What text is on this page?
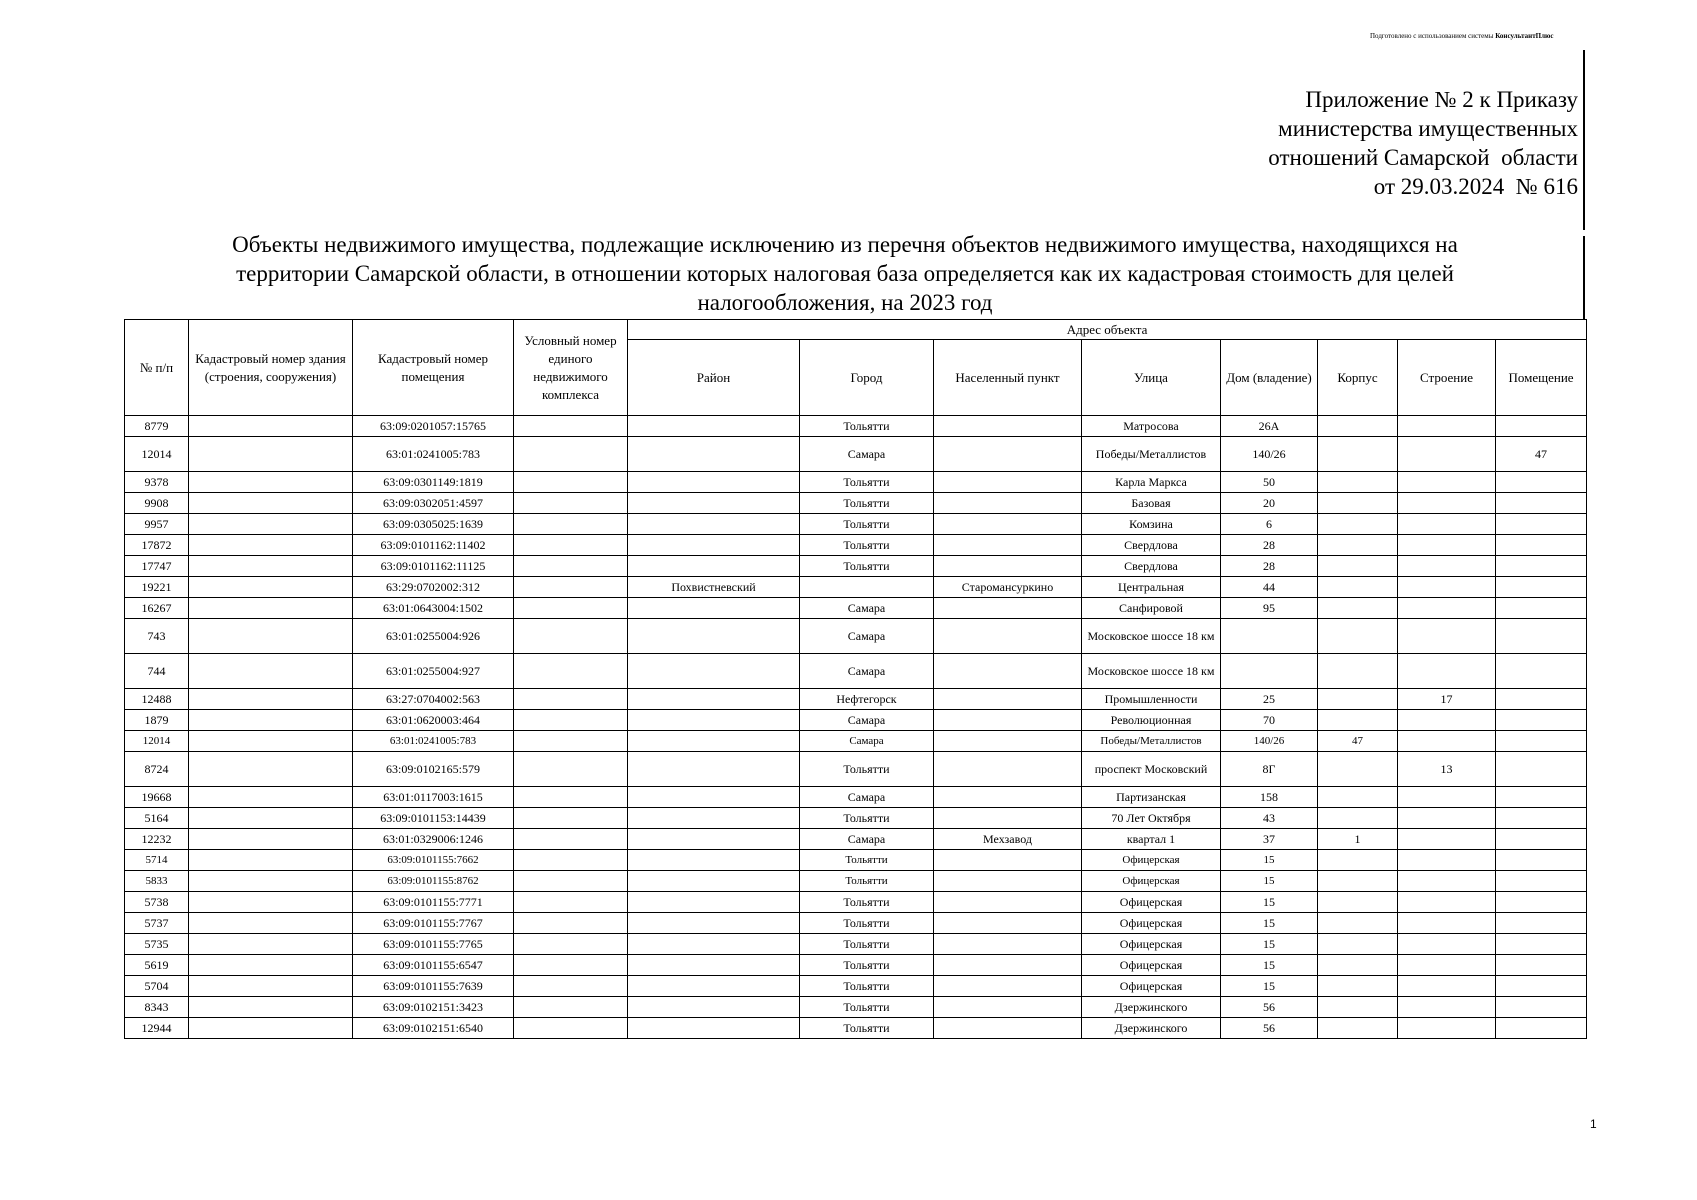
Подготовлено с использованием системы КонсультантПлюс
Приложение № 2 к Приказу
министерства имущественных
отношений Самарской  области
от 29.03.2024  № 616
Объекты недвижимого имущества, подлежащие исключению из перечня объектов недвижимого имущества, находящихся на
территории Самарской области, в отношении которых налоговая база определяется как их кадастровая стоимость для целей
налогообложения, на 2023 год
№ п/п	Кадастровый номер здания (строения, сооружения)	Кадастровый номер помещения	Условный номер единого недвижимого комплекса	Адрес объекта							
				Район	Город	Населенный пункт	Улица	Дом (владение)	Корпус	Строение	Помещение
8779		63:09:0201057:15765			Тольятти		Матросова	26А			
12014		63:01:0241005:783			Самара		Победы/Металлистов	140/26			47
9378		63:09:0301149:1819			Тольятти		Карла Маркса	50			
9908		63:09:0302051:4597			Тольятти		Базовая	20			
9957		63:09:0305025:1639			Тольятти		Комзина	6			
17872		63:09:0101162:11402			Тольятти		Свердлова	28			
17747		63:09:0101162:11125			Тольятти		Свердлова	28			
19221		63:29:0702002:312		Похвистневский		Старомансуркино	Центральная	44			
16267		63:01:0643004:1502			Самара		Санфировой	95			
743		63:01:0255004:926			Самара		Московское шоссе 18 км				
744		63:01:0255004:927			Самара		Московское шоссе 18 км				
12488		63:27:0704002:563			Нефтегорск		Промышленности	25		17	
1879		63:01:0620003:464			Самара		Революционная	70			
12014		63:01:0241005:783			Самара		Победы/Металлистов	140/26	47		
8724		63:09:0102165:579			Тольятти		проспект Московский	8Г		13	
19668		63:01:0117003:1615			Самара		Партизанская	158			
5164		63:09:0101153:14439			Тольятти		70 Лет Октября	43			
12232		63:01:0329006:1246			Самара	Мехзавод	квартал 1	37	1		
5714		63:09:0101155:7662			Тольятти		Офицерская	15			
5833		63:09:0101155:8762			Тольятти		Офицерская	15			
5738		63:09:0101155:7771			Тольятти		Офицерская	15			
5737		63:09:0101155:7767			Тольятти		Офицерская	15			
5735		63:09:0101155:7765			Тольятти		Офицерская	15			
5619		63:09:0101155:6547			Тольятти		Офицерская	15			
5704		63:09:0101155:7639			Тольятти		Офицерская	15			
8343		63:09:0102151:3423			Тольятти		Дзержинского	56			
12944		63:09:0102151:6540			Тольятти		Дзержинского	56			
1
